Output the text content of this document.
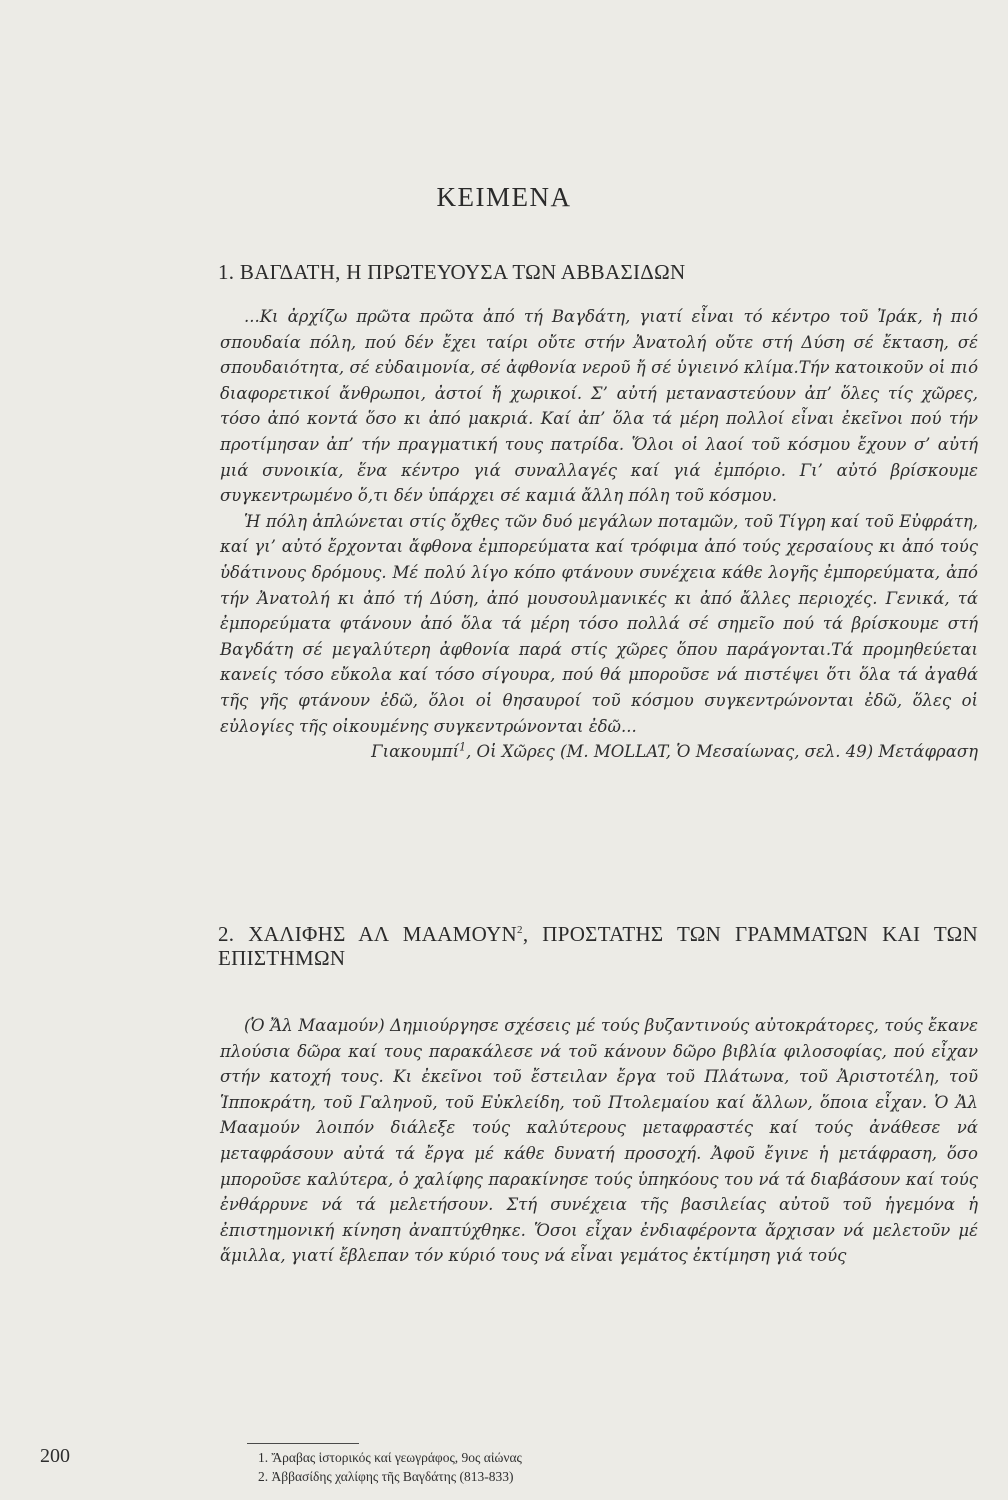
ΚΕΙΜΕΝΑ
1. ΒΑΓΔΑΤΗ, Η ΠΡΩΤΕΥΟΥΣΑ ΤΩΝ ΑΒΒΑΣΙΔΩΝ
...Κι ἀρχίζω πρῶτα πρῶτα ἀπό τή Βαγδάτη, γιατί εἶναι τό κέντρο τοῦ Ἰράκ, ἡ πιό σπουδαία πόλη, πού δέν ἔχει ταίρι οὔτε στήν Ἀνατολή οὔτε στή Δύση σέ ἔκταση, σέ σπουδαιότητα, σέ εὐδαιμονία, σέ ἀφθονία νεροῦ ἤ σέ ὑγιεινό κλίμα.Τήν κατοικοῦν οἱ πιό διαφορετικοί ἄνθρωποι, ἀστοί ἤ χωρικοί. Σ’ αὐτή μεταναστεύουν ἀπ’ ὅλες τίς χῶρες, τόσο ἀπό κοντά ὅσο κι ἀπό μακριά. Καί ἀπ’ ὅλα τά μέρη πολλοί εἶναι ἐκεῖνοι πού τήν προτίμησαν ἀπ’ τήν πραγματική τους πατρίδα. Ὅλοι οἱ λαοί τοῦ κόσμου ἔχουν σ’ αὐτή μιά συνοικία, ἕνα κέντρο γιά συναλλαγές καί γιά ἐμπόριο. Γι’ αὐτό βρίσκουμε συγκεντρωμένο ὅ,τι δέν ὑπάρχει σέ καμιά ἄλλη πόλη τοῦ κόσμου.
Ἡ πόλη ἁπλώνεται στίς ὄχθες τῶν δυό μεγάλων ποταμῶν, τοῦ Τίγρη καί τοῦ Εὐφράτη, καί γι’ αὐτό ἔρχονται ἄφθονα ἐμπορεύματα καί τρόφιμα ἀπό τούς χερσαίους κι ἀπό τούς ὑδάτινους δρόμους. Μέ πολύ λίγο κόπο φτάνουν συνέχεια κάθε λογῆς ἐμπορεύματα, ἀπό τήν Ἀνατολή κι ἀπό τή Δύση, ἀπό μουσουλμανικές κι ἀπό ἄλλες περιοχές. Γενικά, τά ἐμπορεύματα φτάνουν ἀπό ὅλα τά μέρη τόσο πολλά σέ σημεῖο πού τά βρίσκουμε στή Βαγδάτη σέ μεγαλύτερη ἀφθονία παρά στίς χῶρες ὅπου παράγονται.Τά προμηθεύεται κανείς τόσο εὔκολα καί τόσο σίγουρα, πού θά μποροῦσε νά πιστέψει ὅτι ὅλα τά ἀγαθά τῆς γῆς φτάνουν ἐδῶ, ὅλοι οἱ θησαυροί τοῦ κόσμου συγκεντρώνονται ἐδῶ, ὅλες οἱ εὐλογίες τῆς οἰκουμένης συγκεντρώνονται ἐδῶ...
Γιακουμπί$^1$, Οἱ Χῶρες (Μ. MOLLAT, Ὁ Μεσαίωνας, σελ. 49) Μετάφραση
2. ΧΑΛΙΦΗΣ ΑΛ ΜΑΑΜΟΥΝ$^2$, ΠΡΟΣΤΑΤΗΣ ΤΩΝ ΓΡΑΜΜΑΤΩΝ ΚΑΙ ΤΩΝ ΕΠΙΣΤΗΜΩΝ
(Ὁ Ἄλ Μααμούν) Δημιούργησε σχέσεις μέ τούς βυζαντινούς αὐτοκράτορες, τούς ἔκανε πλούσια δῶρα καί τους παρακάλεσε νά τοῦ κάνουν δῶρο βιβλία φιλοσοφίας, πού εἶχαν στήν κατοχή τους. Κι ἐκεῖνοι τοῦ ἔστειλαν ἔργα τοῦ Πλάτωνα, τοῦ Ἀριστοτέλη, τοῦ Ἱπποκράτη, τοῦ Γαληνοῦ, τοῦ Εὐκλείδη, τοῦ Πτολεμαίου καί ἄλλων, ὅποια εἶχαν. Ὁ Ἀλ Μααμούν λοιπόν διάλεξε τούς καλύτερους μεταφραστές καί τούς ἀνάθεσε νά μεταφράσουν αὐτά τά ἔργα μέ κάθε δυνατή προσοχή. Ἀφοῦ ἔγινε ἡ μετάφραση, ὅσο μποροῦσε καλύτερα, ὁ χαλίφης παρακίνησε τούς ὑπηκόους του νά τά διαβάσουν καί τούς ἐνθάρρυνε νά τά μελετήσουν. Στή συνέχεια τῆς βασιλείας αὐτοῦ τοῦ ἡγεμόνα ἡ ἐπιστημονική κίνηση ἀναπτύχθηκε. Ὅσοι εἶχαν ἐνδιαφέροντα ἄρχισαν νά μελετοῦν μέ ἅμιλλα, γιατί ἔβλεπαν τόν κύριό τους νά εἶναι γεμάτος ἐκτίμηση γιά τούς
1. Ἄραβας ἱστορικός καί γεωγράφος, 9ος αἰώνας
2. Ἀββασίδης χαλίφης τῆς Βαγδάτης (813-833)
200
